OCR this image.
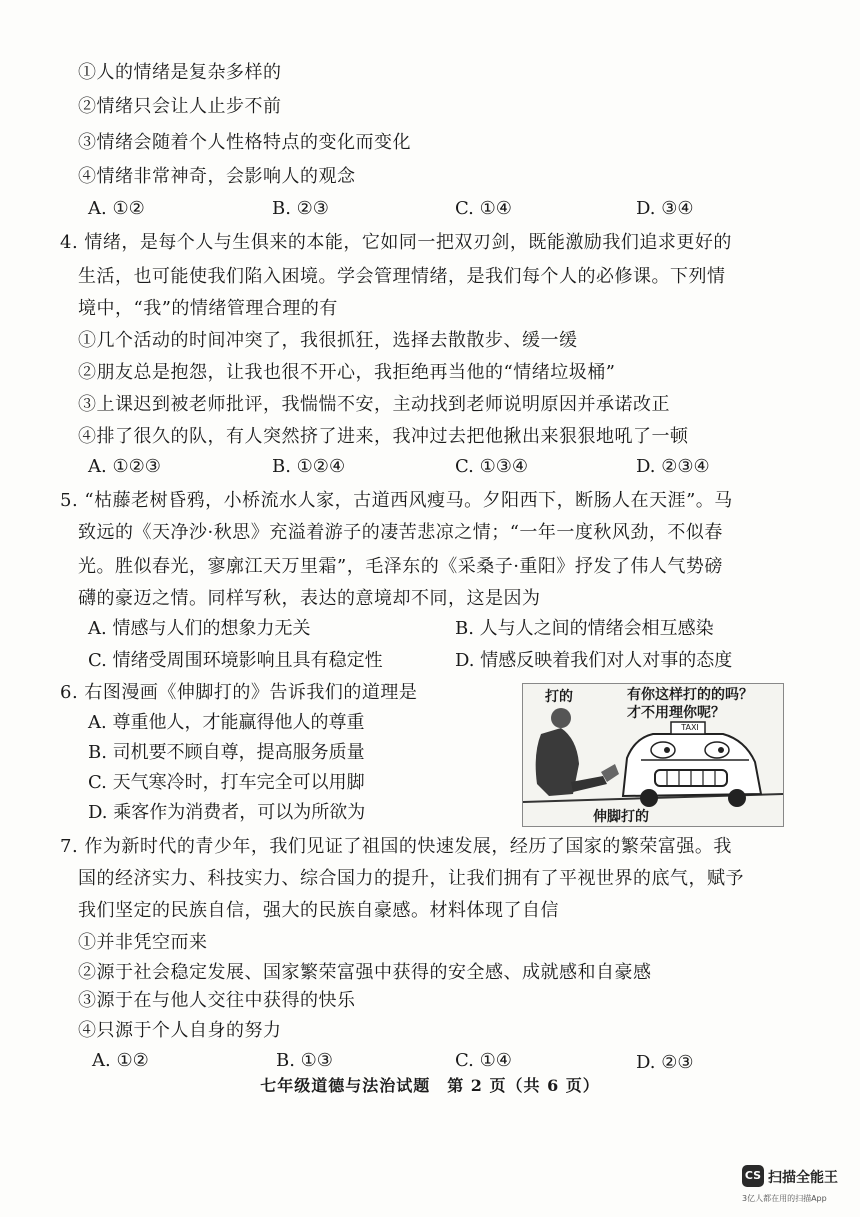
①人的情绪是复杂多样的
②情绪只会让人止步不前
③情绪会随着个人性格特点的变化而变化
④情绪非常神奇，会影响人的观念
A. ①②	B. ②③	C. ①④	D. ③④
4. 情绪，是每个人与生俱来的本能，它如同一把双刃剑，既能激励我们追求更好的
生活，也可能使我们陷入困境。学会管理情绪，是我们每个人的必修课。下列情
境中，“我”的情绪管理合理的有
①几个活动的时间冲突了，我很抓狂，选择去散散步、缓一缓
②朋友总是抱怨，让我也很不开心，我拒绝再当他的“情绪垃圾桶”
③上课迟到被老师批评，我惴惴不安，主动找到老师说明原因并承诺改正
④排了很久的队，有人突然挤了进来，我冲过去把他揪出来狠狠地吼了一顿
A. ①②③	B. ①②④	C. ①③④	D. ②③④
5. “枯藤老树昏鸦，小桥流水人家，古道西风瘦马。夕阳西下，断肠人在天涯”。马
致远的《天净沙·秋思》充溢着游子的凄苦悲凉之情；“一年一度秋风劲，不似春
光。胜似春光，寥廓江天万里霜”，毛泽东的《采桑子·重阳》抒发了伟人气势磅
礴的豪迈之情。同样写秋，表达的意境却不同，这是因为
A. 情感与人们的想象力无关	B. 人与人之间的情绪会相互感染
C. 情绪受周围环境影响且具有稳定性	D. 情感反映着我们对人对事的态度
6. 右图漫画《伸脚打的》告诉我们的道理是
A. 尊重他人，才能赢得他人的尊重
B. 司机要不顾自尊，提高服务质量
C. 天气寒冷时，打车完全可以用脚
D. 乘客作为消费者，可以为所欲为
TAXI
打的	有你这样打的的吗？
才不用理你呢？
伸脚打的
7. 作为新时代的青少年，我们见证了祖国的快速发展，经历了国家的繁荣富强。我
国的经济实力、科技实力、综合国力的提升，让我们拥有了平视世界的底气，赋予
我们坚定的民族自信，强大的民族自豪感。材料体现了自信
①并非凭空而来
②源于社会稳定发展、国家繁荣富强中获得的安全感、成就感和自豪感
③源于在与他人交往中获得的快乐
④只源于个人自身的努力
A. ①②	B. ①③	C. ①④	D. ②③
七年级道德与法治试题　第 2 页（共 6 页）
CS 扫描全能王
3亿人都在用的扫描App
